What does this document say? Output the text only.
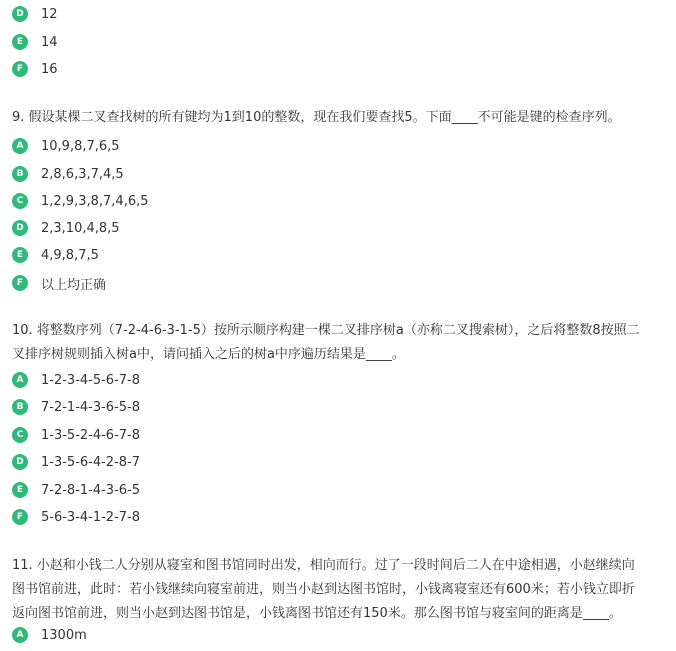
D	12
E	14
F	16
9. 假设某棵二叉查找树的所有键均为1到10的整数，现在我们要查找5。下面____不可能是键的检查序列。
A	10,9,8,7,6,5
B	2,8,6,3,7,4,5
C	1,2,9,3,8,7,4,6,5
D	2,3,10,4,8,5
E	4,9,8,7,5
F	以上均正确
10. 将整数序列（7-2-4-6-3-1-5）按所示顺序构建一棵二叉排序树a（亦称二叉搜索树），之后将整数8按照二
叉排序树规则插入树a中，请问插入之后的树a中序遍历结果是____。
A	1-2-3-4-5-6-7-8
B	7-2-1-4-3-6-5-8
C	1-3-5-2-4-6-7-8
D	1-3-5-6-4-2-8-7
E	7-2-8-1-4-3-6-5
F	5-6-3-4-1-2-7-8
11. 小赵和小钱二人分别从寝室和图书馆同时出发，相向而行。过了一段时间后二人在中途相遇，小赵继续向
图书馆前进，此时：若小钱继续向寝室前进，则当小赵到达图书馆时，小钱离寝室还有600米；若小钱立即折
返向图书馆前进，则当小赵到达图书馆是，小钱离图书馆还有150米。那么图书馆与寝室间的距离是____。
A	1300m
